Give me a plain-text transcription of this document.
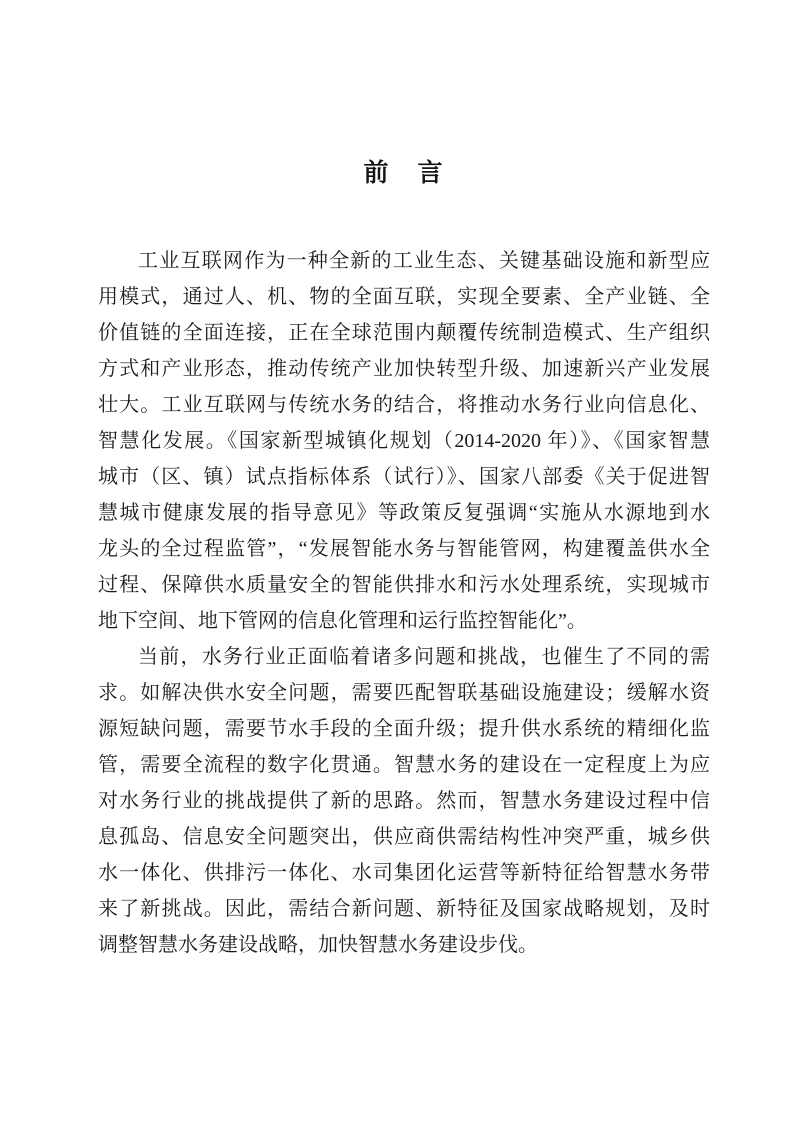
前　言
工业互联网作为一种全新的工业生态、关键基础设施和新型应
用模式，通过人、机、物的全面互联，实现全要素、全产业链、全
价值链的全面连接，正在全球范围内颠覆传统制造模式、生产组织
方式和产业形态，推动传统产业加快转型升级、加速新兴产业发展
壮大。工业互联网与传统水务的结合，将推动水务行业向信息化、
智慧化发展。《国家新型城镇化规划（2014-2020 年）》、《国家智慧
城市（区、镇）试点指标体系（试行）》、国家八部委《关于促进智
慧城市健康发展的指导意见》等政策反复强调“实施从水源地到水
龙头的全过程监管”，“发展智能水务与智能管网，构建覆盖供水全
过程、保障供水质量安全的智能供排水和污水处理系统，实现城市
地下空间、地下管网的信息化管理和运行监控智能化”。
当前，水务行业正面临着诸多问题和挑战，也催生了不同的需
求。如解决供水安全问题，需要匹配智联基础设施建设；缓解水资
源短缺问题，需要节水手段的全面升级；提升供水系统的精细化监
管，需要全流程的数字化贯通。智慧水务的建设在一定程度上为应
对水务行业的挑战提供了新的思路。然而，智慧水务建设过程中信
息孤岛、信息安全问题突出，供应商供需结构性冲突严重，城乡供
水一体化、供排污一体化、水司集团化运营等新特征给智慧水务带
来了新挑战。因此，需结合新问题、新特征及国家战略规划，及时
调整智慧水务建设战略，加快智慧水务建设步伐。
